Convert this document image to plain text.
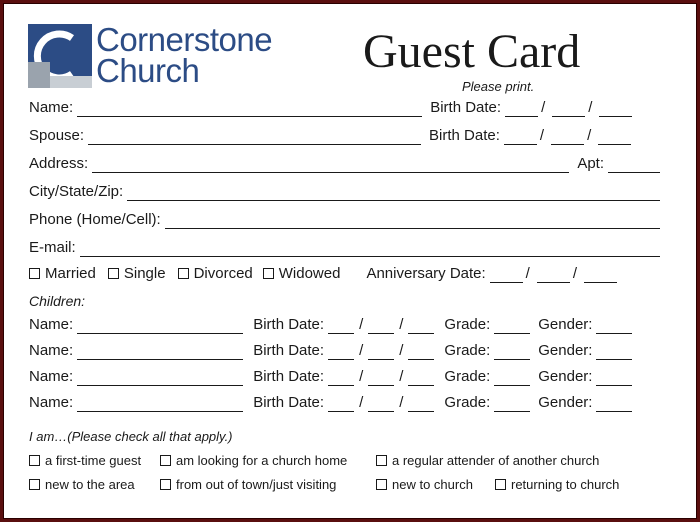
Cornerstone
Church	Guest Card
Please print.
Name:	Birth Date:	/	/
Spouse:	Birth Date:	/	/
Address:	Apt:
City/State/Zip:
Phone (Home/Cell):
E-mail:
Married	Single	Divorced	Widowed Anniversary Date:	/	/
Children:
Name:	Birth Date: / /	Grade:	Gender:
Name:	Birth Date: / /	Grade:	Gender:
Name:	Birth Date: / /	Grade:	Gender:
Name:	Birth Date: / /	Grade:	Gender:
I am…(Please check all that apply.)
a first-time guest	am looking for a church home	a regular attender of another church
new to the area	from out of town/just visiting	new to church	returning to church
